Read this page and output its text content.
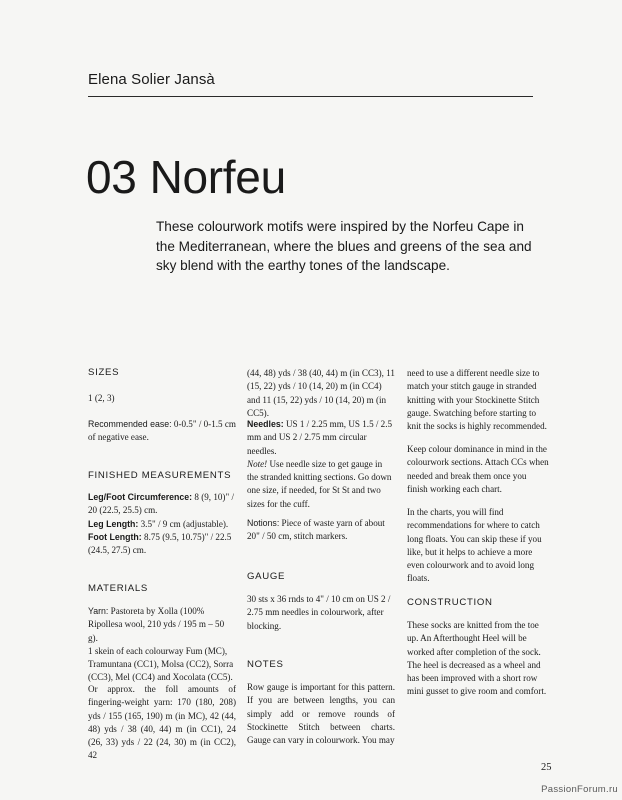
Elena Solier Jansà
03 Norfeu

These colourwork motifs were inspired by the Norfeu Cape in the Mediterranean, where the blues and greens of the sea and sky blend with the earthy tones of the landscape.

SIZES
1 (2, 3)
Recommended ease: 0-0.5" / 0-1.5 cm of negative ease.
FINISHED MEASUREMENTS

Leg/Foot Circumference: 8 (9, 10)" / 20 (22.5, 25.5) cm.

Leg Length: 3.5" / 9 cm (adjustable).

Foot Length: 8.75 (9.5, 10.75)" / 22.5 (24.5, 27.5) cm.

MATERIALS

Yarn: Pastoreta by Xolla (100% Ripollesa wool, 210 yds / 195 m – 50 g).

1 skein of each colourway Fum (MC), Tramuntana (CC1), Molsa (CC2), Sorra (CC3), Mel (CC4) and Xocolata (CC5).

Or approx. the foll amounts of fingering-weight yarn: 170 (180, 208) yds / 155 (165, 190) m (in MC), 42 (44, 48) yds / 38 (40, 44) m (in CC1), 24 (26, 33) yds / 22 (24, 30) m (in CC2), 42
(44, 48) yds / 38 (40, 44) m (in CC3), 11 (15, 22) yds / 10 (14, 20) m (in CC4) and 11 (15, 22) yds / 10 (14, 20) m (in CC5).

Needles: US 1 / 2.25 mm, US 1.5 / 2.5 mm and US 2 / 2.75 mm circular needles.

Note! Use needle size to get gauge in the stranded knitting sections. Go down one size, if needed, for St St and two sizes for the cuff.

Notions: Piece of waste yarn of about 20" / 50 cm, stitch markers.
GAUGE
30 sts x 36 rnds to 4" / 10 cm on US 2 / 2.75 mm needles in colourwork, after blocking.
NOTES
Row gauge is important for this pattern. If you are between lengths, you can simply add or remove rounds of Stockinette Stitch between charts. Gauge can vary in colourwork. You may
need to use a different needle size to match your stitch gauge in stranded knitting with your Stockinette Stitch gauge. Swatching before starting to knit the socks is highly recommended.
Keep colour dominance in mind in the colourwork sections. Attach CCs when needed and break them once you finish working each chart.
In the charts, you will find recommendations for where to catch long floats. You can skip these if you like, but it helps to achieve a more even colourwork and to avoid long floats.
CONSTRUCTION
These socks are knitted from the toe up. An Afterthought Heel will be worked after completion of the sock. The heel is decreased as a wheel and has been improved with a short row mini gusset to give room and comfort.
25
PassionForum.ru
